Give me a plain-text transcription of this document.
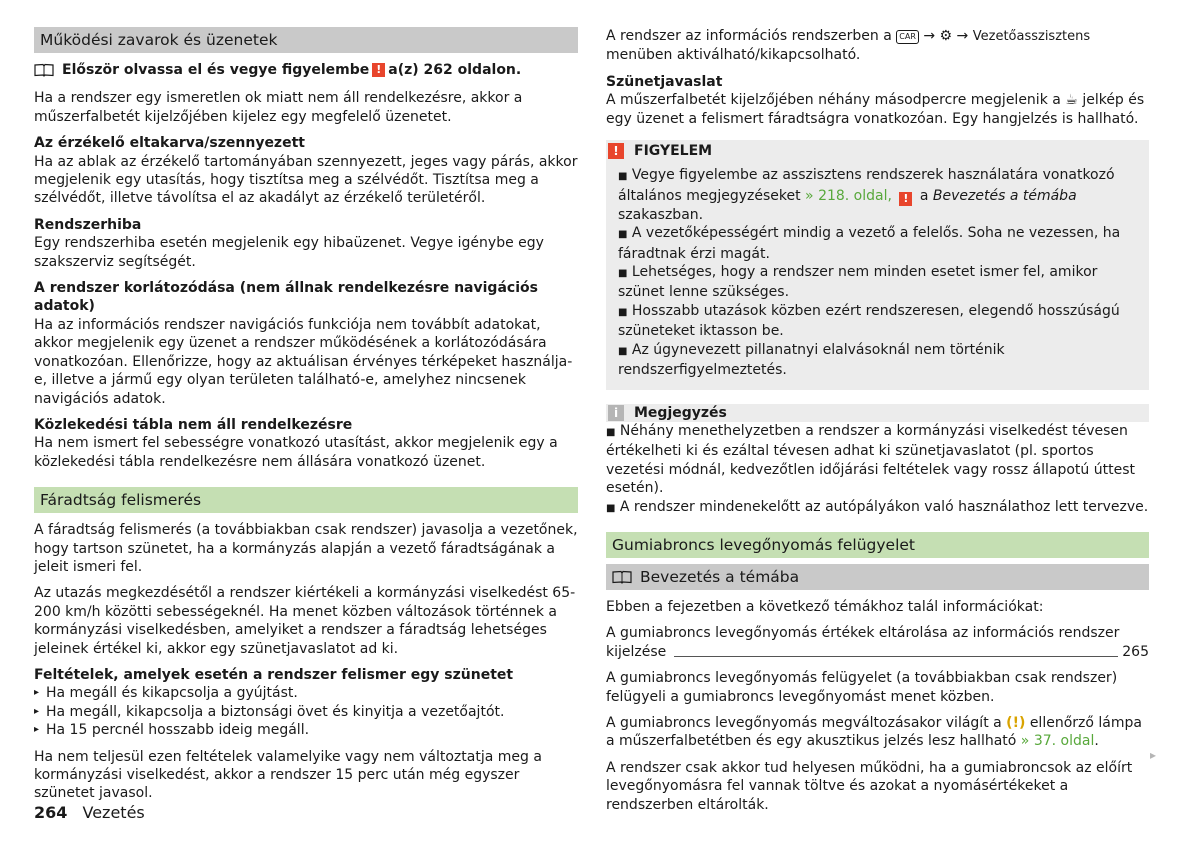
Működési zavarok és üzenetek
Először olvassa el és vegye figyelembe ! a(z) 262 oldalon.

Ha a rendszer egy ismeretlen ok miatt nem áll rendelkezésre, akkor a műszerfalbetét kijelzőjében kijelez egy megfelelő üzenetet.

Az érzékelő eltakarva/szennyezett

Ha az ablak az érzékelő tartományában szennyezett, jeges vagy párás, akkor megjelenik egy utasítás, hogy tisztítsa meg a szélvédőt. Tisztítsa meg a szélvédőt, illetve távolítsa el az akadályt az érzékelő területéről.

Rendszerhiba

Egy rendszerhiba esetén megjelenik egy hibaüzenet. Vegye igénybe egy szakszerviz segítségét.

A rendszer korlátozódása (nem állnak rendelkezésre navigációs adatok)

Ha az információs rendszer navigációs funkciója nem továbbít adatokat, akkor megjelenik egy üzenet a rendszer működésének a korlátozódására vonatkozóan. Ellenőrizze, hogy az aktuálisan érvényes térképeket használja-e, illetve a jármű egy olyan területen található-e, amelyhez nincsenek navigációs adatok.

Közlekedési tábla nem áll rendelkezésre

Ha nem ismert fel sebességre vonatkozó utasítást, akkor megjelenik egy a közlekedési tábla rendelkezésre nem állására vonatkozó üzenet.

Fáradtság felismerés

A fáradtság felismerés (a továbbiakban csak rendszer) javasolja a vezetőnek, hogy tartson szünetet, ha a kormányzás alapján a vezető fáradtságának a jeleit ismeri fel.

Az utazás megkezdésétől a rendszer kiértékeli a kormányzási viselkedést 65-200 km/h közötti sebességeknél. Ha menet közben változások történnek a kormányzási viselkedésben, amelyiket a rendszer a fáradtság lehetséges jeleinek értékel ki, akkor egy szünetjavaslatot ad ki.

Feltételek, amelyek esetén a rendszer felismer egy szünetet
▸ Ha megáll és kikapcsolja a gyújtást.
▸ Ha megáll, kikapcsolja a biztonsági övet és kinyitja a vezetőajtót.
▸ Ha 15 percnél hosszabb ideig megáll.

Ha nem teljesül ezen feltételek valamelyike vagy nem változtatja meg a kormányzási viselkedést, akkor a rendszer 15 perc után még egyszer szünetet javasol.

A rendszer az információs rendszerben a CAR → ⚙ → Vezetőasszisztens menüben aktiválható/kikapcsolható.

Szünetjavaslat

A műszerfalbetét kijelzőjében néhány másodpercre megjelenik a ☕ jelkép és egy üzenet a felismert fáradtságra vonatkozóan. Egy hangjelzés is hallható.

!	FIGYELEM
■ Vegye figyelembe az asszisztens rendszerek használatára vonatkozó általános megjegyzéseket » 218. oldal, ! a Bevezetés a témába szakaszban.
■ A vezetőképességért mindig a vezető a felelős. Soha ne vezessen, ha fáradtnak érzi magát.
■ Lehetséges, hogy a rendszer nem minden esetet ismer fel, amikor szünet lenne szükséges.
■ Hosszabb utazások közben ezért rendszeresen, elegendő hosszúságú szüneteket iktasson be.
■ Az úgynevezett pillanatnyi elalvásoknál nem történik rendszerfigyelmeztetés.
i	Megjegyzés
■ Néhány menethelyzetben a rendszer a kormányzási viselkedést tévesen értékelheti ki és ezáltal tévesen adhat ki szünetjavaslatot (pl. sportos vezetési módnál, kedvezőtlen időjárási feltételek vagy rossz állapotú úttest esetén).
■ A rendszer mindenekelőtt az autópályákon való használathoz lett tervezve.
Gumiabroncs levegőnyomás felügyelet
Bevezetés a témába

Ebben a fejezetben a következő témákhoz talál információkat:

A gumiabroncs levegőnyomás értékek eltárolása az információs rendszer
kijelzése	265

A gumiabroncs levegőnyomás felügyelet (a továbbiakban csak rendszer) felügyeli a gumiabroncs levegőnyomást menet közben.

A gumiabroncs levegőnyomás megváltozásakor világít a (!) ellenőrző lámpa a műszerfalbetétben és egy akusztikus jelzés lesz hallható » 37. oldal.

A rendszer csak akkor tud helyesen működni, ha a gumiabroncsok az előírt levegőnyomásra fel vannak töltve és azokat a nyomásértékeket a rendszerben eltárolták.

▸
264 Vezetés
